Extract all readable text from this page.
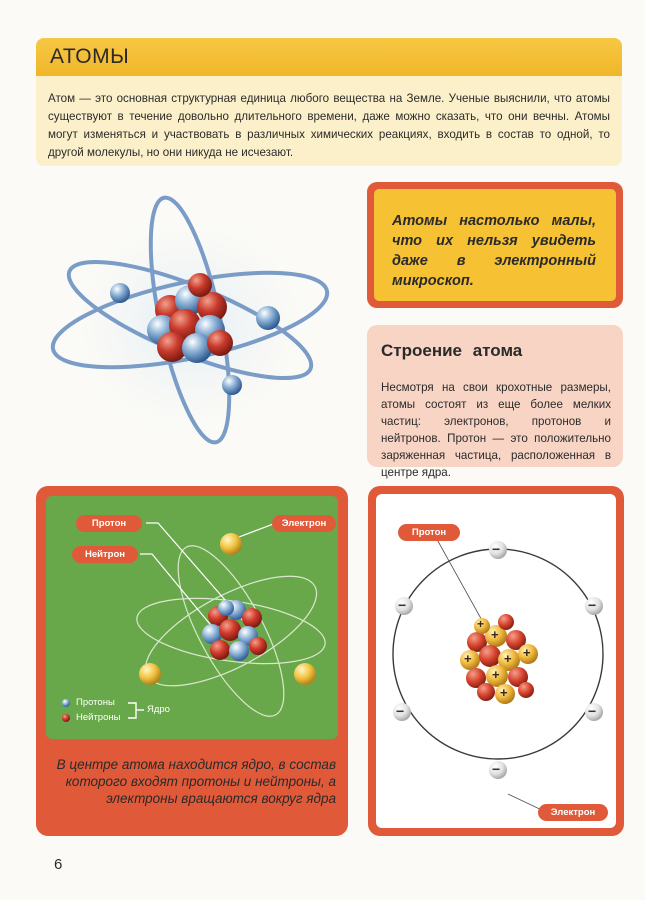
АТОМЫ

Атом — это основная структурная единица любого вещества на Земле. Ученые выяснили, что атомы существуют в течение довольно длительного времени, даже можно сказать, что они вечны. Атомы могут изменяться и участвовать в различных химических реакциях, входить в состав то одной, то другой молекулы, но они никуда не исчезают.

Атомы настолько малы, что их нельзя увидеть даже в электронный микроскоп.

Строение атома

Несмотря на свои крохотные размеры, атомы состоят из еще более мелких частиц: электронов, протонов и нейтронов. Протон — это положительно заряженная частица, расположенная в центре ядра.

Протон	Электрон
Нейтрон
Протоны
Нейтроны
Ядро

В центре атома находится ядро, в состав которого входят протоны и нейтроны, а электроны вращаются вокруг ядра

−
−	−
−	−
−
+
+ + +
+
+
+
Протон
Электрон

6
